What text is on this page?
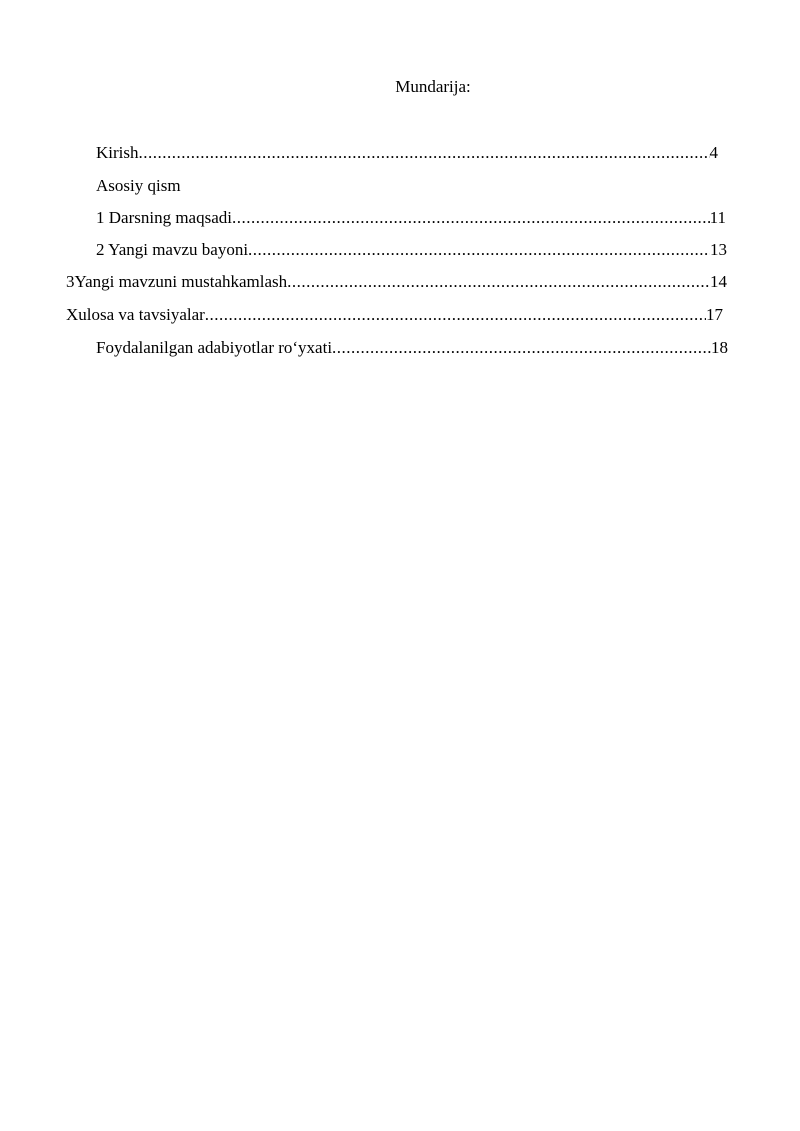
Mundarija:
Kirish .....	4
Asosiy qism
1 Darsning maqsadi .....	11
2 Yangi mavzu bayoni .....	13
3Yangi mavzuni mustahkamlash .....	14
Xulosa va tavsiyalar .....	17
Foydalanilgan adabiyotlar ro‘yxati .....	18
